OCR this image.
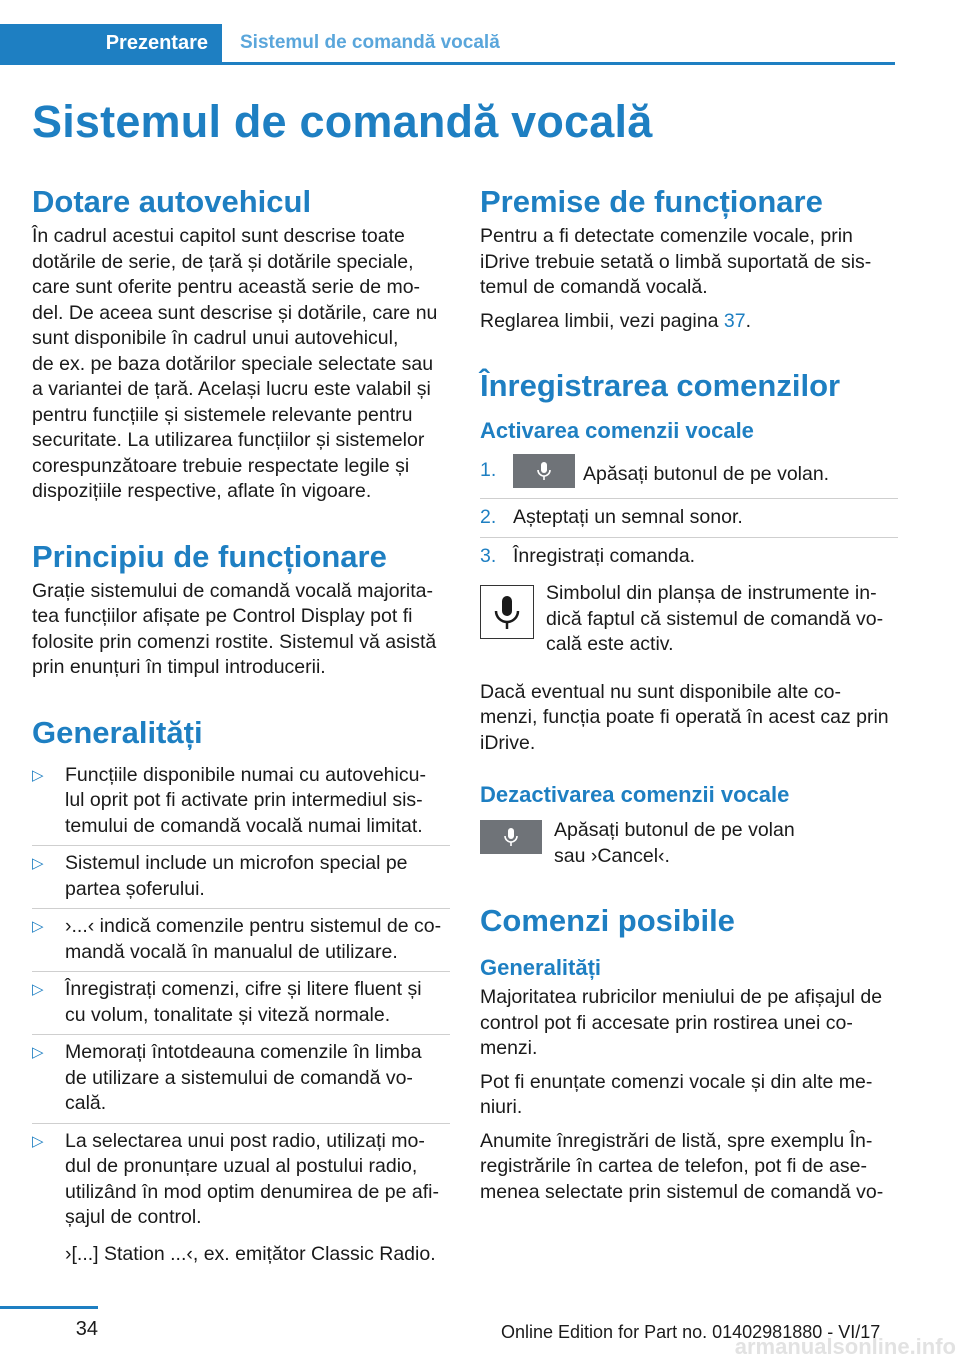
Prezentare	Sistemul de comandă vocală
Sistemul de comandă vocală
Dotare autovehicul

În cadrul acestui capitol sunt descrise toate
dotările de serie, de țară și dotările speciale,
care sunt oferite pentru această serie de mo‐
del. De aceea sunt descrise și dotările, care nu
sunt disponibile în cadrul unui autovehicul,
de ex. pe baza dotărilor speciale selectate sau
a variantei de țară. Același lucru este valabil și
pentru funcțiile și sistemele relevante pentru
securitate. La utilizarea funcțiilor și sistemelor
corespunzătoare trebuie respectate legile și
dispozițiile respective, aflate în vigoare.

Principiu de funcționare

Grație sistemului de comandă vocală majorita‐
tea funcțiilor afișate pe Control Display pot fi
folosite prin comenzi rostite. Sistemul vă asistă
prin enunțuri în timpul introducerii.

Generalități
▷ Funcțiile disponibile numai cu autovehicu‐
lul oprit pot fi activate prin intermediul sis‐
temului de comandă vocală numai limitat.
▷ Sistemul include un microfon special pe
partea șoferului.
▷ ›...‹ indică comenzile pentru sistemul de co‐
mandă vocală în manualul de utilizare.
▷ Înregistrați comenzi, cifre și litere fluent și
cu volum, tonalitate și viteză normale.
▷ Memorați întotdeauna comenzile în limba
de utilizare a sistemului de comandă vo‐
cală.
▷ La selectarea unui post radio, utilizați mo‐
dul de pronunțare uzual al postului radio,
utilizând în mod optim denumirea de pe afi‐
șajul de control.
›[...] Station ...‹, ex. emițător Classic Radio.
Premise de funcționare

Pentru a fi detectate comenzile vocale, prin
iDrive trebuie setată o limbă suportată de sis‐
temul de comandă vocală.

Reglarea limbii, vezi pagina 37.

Înregistrarea comenzilor
Activarea comenzii vocale
1.	Apăsați butonul de pe volan.
2. Așteptați un semnal sonor.
3. Înregistrați comanda.

Simbolul din planșa de instrumente in‐
dică faptul că sistemul de comandă vo‐
cală este activ.

Dacă eventual nu sunt disponibile alte co‐
menzi, funcția poate fi operată în acest caz prin
iDrive.

Dezactivarea comenzii vocale

Apăsați butonul de pe volan
sau ›Cancel‹.

Comenzi posibile
Generalități

Majoritatea rubricilor meniului de pe afișajul de
control pot fi accesate prin rostirea unei co‐
menzi.

Pot fi enunțate comenzi vocale și din alte me‐
niuri.

Anumite înregistrări de listă, spre exemplu În‐
registrările în cartea de telefon, pot fi de ase‐
menea selectate prin sistemul de comandă vo‐

34	Online Edition for Part no. 01402981880 - VI/17
armanualsonline.info
